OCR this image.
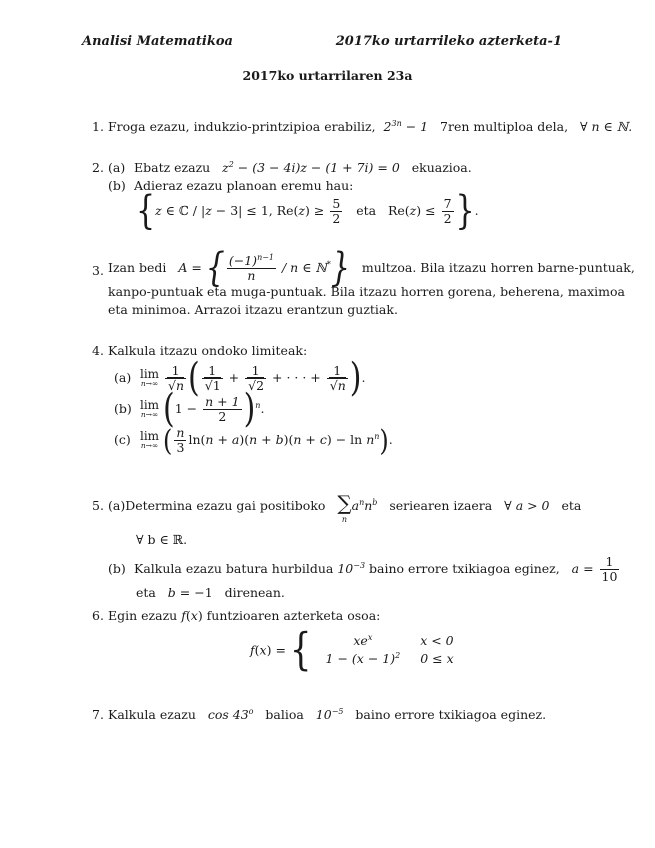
Analisi Matematikoa	2017ko urtarrileko azterketa-1
2017ko urtarrilaren 23a
1. Froga ezazu, indukzio-printzipioa erabiliz, $2^{3n} - 1$ 7ren multiploa dela, ∀ n ∈ ℕ.
2. (a) Ebatz ezazu $z^2 - (3 - 4i)z - (1 + 7i) = 0$ ekuazioa.
(b) Adieraz ezazu planoan eremu hau:
{z ∈ ℂ / |z − 3| ≤ 1, $Re(z) \ge \frac{5}{2}$ eta   $Re(z) \le \frac{7}{2}$ }.
3. Izan bedi A = { $\frac{(-1)^{n-1}}{n}$ / n ∈ ℕ*} multzoa. Bila itzazu horren barne-puntuak,
kanpo-puntuak eta muga-puntuak. Bila itzazu horren gorena, beherena, maximoa
eta minimoa. Arrazoi itzazu erantzun guztiak.
4. Kalkula itzazu ondoko limiteak:
(a) lim
n→∞
$\frac{1}{√n}$ ( $\frac{1}{√1} + \frac{1}{√2}$ + · · · + $\frac{1}{√n}$ ).
(b) lim
n→∞ $(1 - \frac{n + 1}{2} )^n$.
(c) lim
n→∞ ( $\frac{n}{3} \ln(n + a)(n + b)(n + c) - \ln n^n$).
5. (a) Determina ezazu gai positiboko
∑
n
$a^nn^b$
seriearen izaera
∀ a > 0
eta
∀ b ∈ ℝ.
(b) Kalkula ezazu batura hurbildua $10^{-3}$ baino errore txikiagoa eginez, $a = \frac{1}{10}$
eta b = −1   direnean.
6. Egin ezazu f(x) funtzioaren azterketa osoa:
f(x) = {	$xe^x$	x < 0
$1 - (x - 1)^2$	0 ≤ x
7. Kalkula ezazu cos 43$^o$ balioa $10^{-5}$ baino errore txikiagoa eginez.
